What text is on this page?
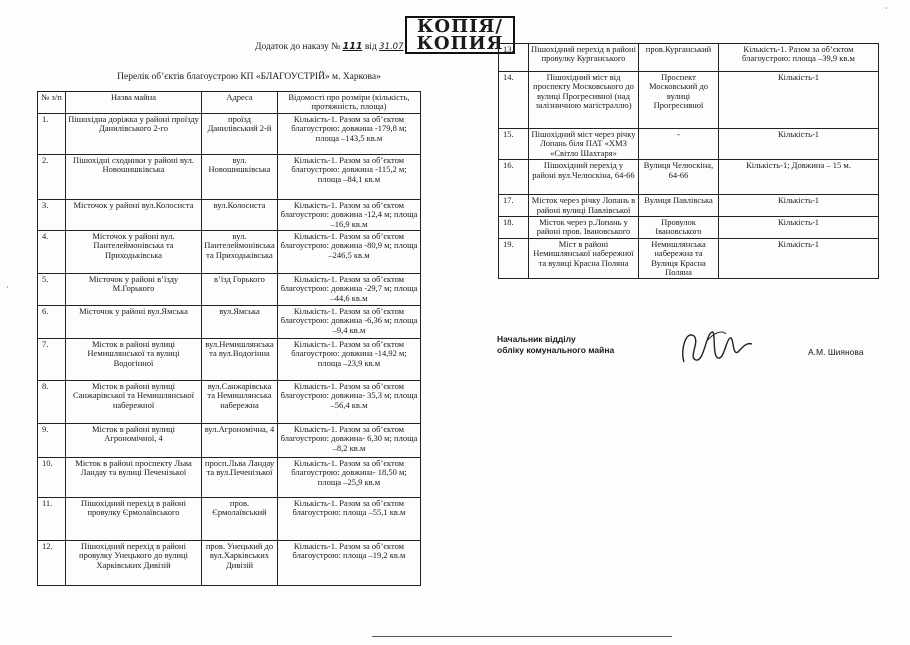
Додаток до наказу № 111 від 31.07
КОПІЯ/
КОПИЯ
Перелік об’єктів благоустрою КП «БЛАГОУСТРІЙ» м. Харкова»
№ з/п	Назва майна	Адреса	Відомості про розміри (кількість, протяжність, площа)
1.	Пішохідна доріжка у районі проїзду Данилівського 2-го	проїзд Данилівський 2-й	Кількість-1. Разом за об’єктом благоустрою: довжина -179,8 м; площа –143,5 кв.м
2.	Пішохідні сходинки у районі вул. Новошишківська	вул. Новошишківська	Кількість-1. Разом за об’єктом благоустрою: довжина -115,2 м; площа –84,1 кв.м
3.	Місточок у районі вул.Колосиста	вул.Колосиста	Кількість-1. Разом за об’єктом благоустрою: довжина -12,4 м; площа –16,9 кв.м
4.	Місточок у районі вул. Пантелеймонівська та Приходьківська	вул. Пантелеймонівська та Приходьківська	Кількість-1. Разом за об’єктом благоустрою: довжина -80,9 м; площа –246,5 кв.м
5.	Місточок у районі в’їзду М.Горького	в’їзд Горького	Кількість-1. Разом за об’єктом благоустрою: довжина -29,7 м; площа –44,6 кв.м
6.	Місточок у районі вул.Ямська	вул.Ямська	Кількість-1. Разом за об’єктом благоустрою: довжина -6,36 м; площа –9,4 кв.м
7.	Місток в районі вулиці Немишлянської та вулиці Водогінної	вул.Немишлянська та вул.Водогінна	Кількість-1. Разом за об’єктом благоустрою: довжина -14,92 м; площа –23,9 кв.м
8.	Місток в районі вулиці Санжарівської та Немишлянської набережної	вул.Санжарівська та Немишлянська набережна	Кількість-1. Разом за об’єктом благоустрою: довжина- 35,3 м; площа –56,4 кв.м
9.	Місток в районі вулиці Агрономічної, 4	вул.Агрономічна, 4	Кількість-1. Разом за об’єктом благоустрою: довжина- 6,30 м; площа –8,2 кв.м
10.	Місток в районі проспекту Льва Ландау та вулиці Печенізької	просп.Льва Ландау та вул.Печенізької	Кількість-1. Разом за об’єктом благоустрою: довжина- 18,50 м; площа –25,9 кв.м
11.	Пішохідний перехід в районі провулку Єрмолаївського	пров. Єрмолаївський	Кількість-1. Разом за об’єктом благоустрою: площа –55,1 кв.м
12.	Пішохідний перехід в районі провулку Унецького до вулиці Харківських Дивізій	пров. Унецький до вул.Харківських Дивізій	Кількість-1. Разом за об’єктом благоустрою: площа –19,2 кв.м
13.	Пішохідний перехід в районі провулку Курганського	пров.Курганський	Кількість-1. Разом за об’єктом благоустрою: площа –39,9 кв.м
14.	Пішохідний міст від проспекту Московського до вулиці Прогресивної (над залізничною магістраллю)	Проспект Московський до вулиці Прогресивної	Кількість-1
15.	Пішохідний міст через річку Лопань біля ПАТ «ХМЗ «Світло Шахтаря»	-	Кількість-1
16.	Пішохідний перехід у районі вул.Челюскіна, 64-66	Вулиця Челюскіна, 64-66	Кількість-1; Довжина – 15 м.
17.	Місток через річку Лопань в районі вулиці Павлівської	Вулиця Павлівська	Кількість-1
18.	Місток через р.Лопань у районі пров. Івановського	Провулок Івановського	Кількість-1
19.	Міст в районі Немишлянської набережної та вулиці Красна Поляна	Немишлянська набережна та Вулиця Красна Поляна	Кількість-1
Начальник відділу
обліку комунального майна	А.М. Шиянова
·
·
